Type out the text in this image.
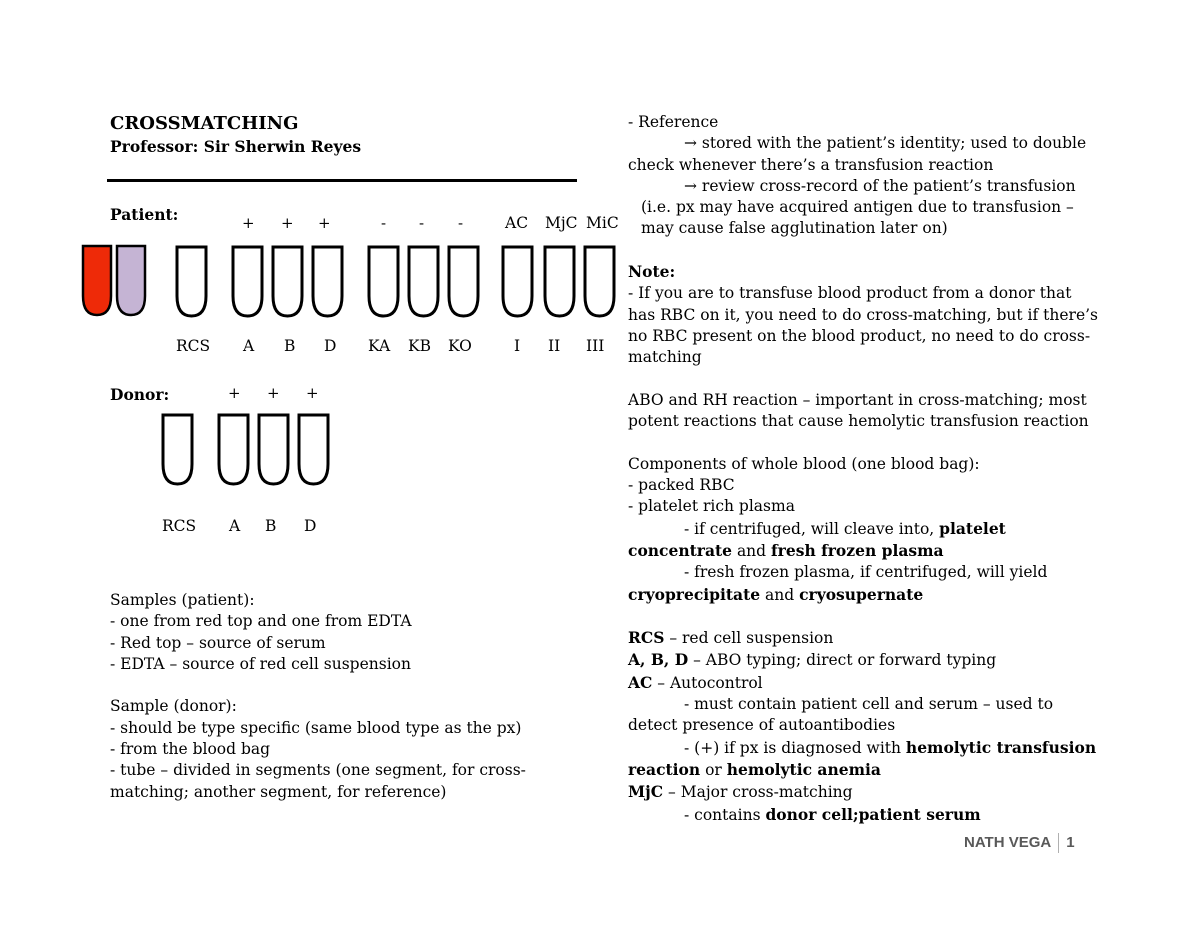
CROSSMATCHING
Professor: Sir Sherwin Reyes
Patient:	+ + +	- - -	AC MjC MiC
RCS A B D KA KB KO	I II III
Donor:	+ + +
RCS A B D

Samples (patient):

- one from red top and one from EDTA

- Red top – source of serum

- EDTA – source of red cell suspension

Sample (donor):

- should be type specific (same blood type as the px)

- from the blood bag

- tube – divided in segments (one segment, for cross-

matching; another segment, for reference)

- Reference

→ stored with the patient’s identity; used to double

check whenever there’s a transfusion reaction

→ review cross-record of the patient’s transfusion

(i.e. px may have acquired antigen due to transfusion –

may cause false agglutination later on)

Note:

- If you are to transfuse blood product from a donor that

has RBC on it, you need to do cross-matching, but if there’s

no RBC present on the blood product, no need to do cross-

matching

ABO and RH reaction – important in cross-matching; most

potent reactions that cause hemolytic transfusion reaction

Components of whole blood (one blood bag):

- packed RBC

- platelet rich plasma

- if centrifuged, will cleave into, platelet

concentrate and fresh frozen plasma

- fresh frozen plasma, if centrifuged, will yield

cryoprecipitate and cryosupernate

RCS – red cell suspension

A, B, D – ABO typing; direct or forward typing

AC – Autocontrol

- must contain patient cell and serum – used to

detect presence of autoantibodies

- (+) if px is diagnosed with hemolytic transfusion

reaction or hemolytic anemia

MjC – Major cross-matching

- contains donor cell;patient serum

NATH VEGA 1
